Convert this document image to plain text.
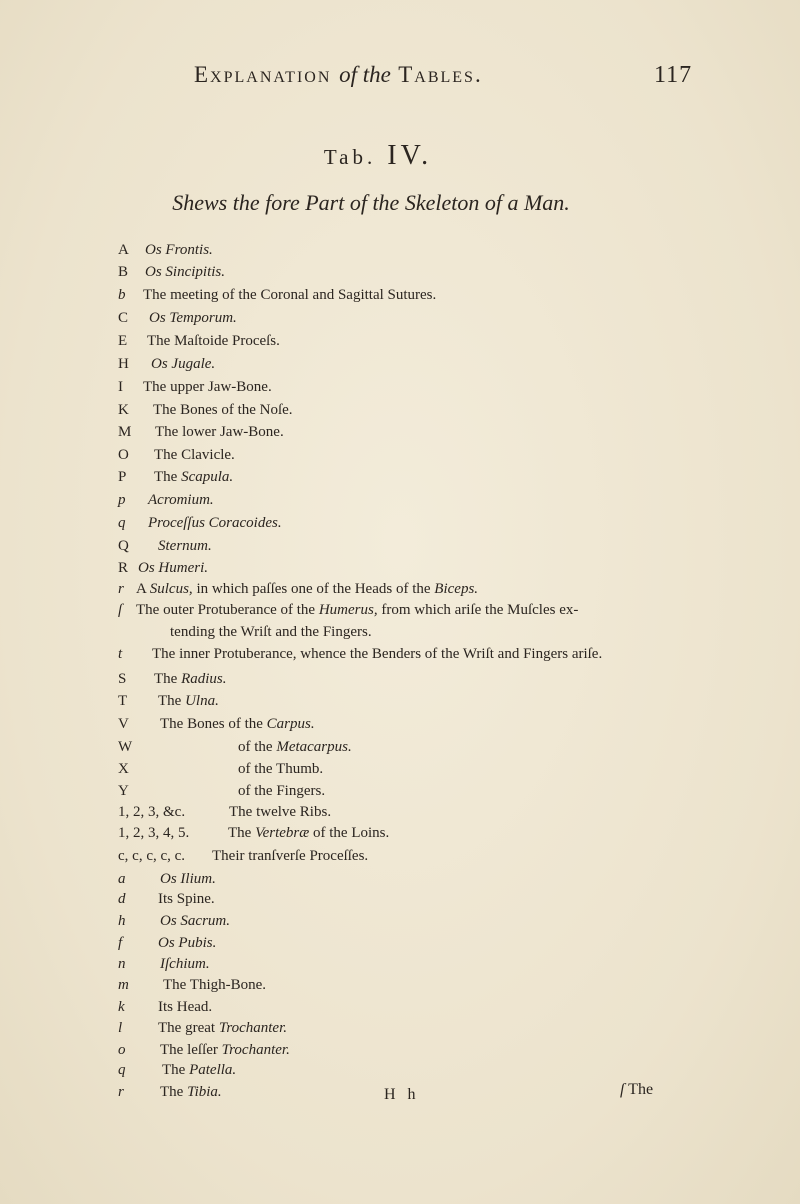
Explanation of the Tables.	117
Tab. IV.
Shews the fore Part of the Skeleton of a Man.
A Os Frontis.
B Os Sincipitis.
b The meeting of the Coronal and Sagittal Sutures.
C Os Temporum.
E The Maſtoide Proceſs.
H Os Jugale.
I The upper Jaw-Bone.
K The Bones of the Noſe.
M The lower Jaw-Bone.
O The Clavicle.
P The Scapula.
p Acromium.
q Proceſſus Coracoides.
Q Sternum.
R Os Humeri.
r A Sulcus, in which paſſes one of the Heads of the Biceps.
ſ The outer Protuberance of the Humerus, from which ariſe the Muſcles ex-
tending the Wriſt and the Fingers.
t The inner Protuberance, whence the Benders of the Wriſt and Fingers ariſe.
S The Radius.
T The Ulna.
V The Bones of the Carpus.
W	of the Metacarpus.
X	of the Thumb.
Y	of the Fingers.
1, 2, 3, &c.	The twelve Ribs.
1, 2, 3, 4, 5.	The Vertebræ of the Loins.
c, c, c, c, c. Their tranſverſe Proceſſes.
a Os Ilium.
d Its Spine.
h Os Sacrum.
f Os Pubis.
n Iſchium.
m The Thigh-Bone.
k Its Head.
l The great Trochanter.
o The leſſer Trochanter.
q The Patella.
r The Tibia.	H h	ſ The
